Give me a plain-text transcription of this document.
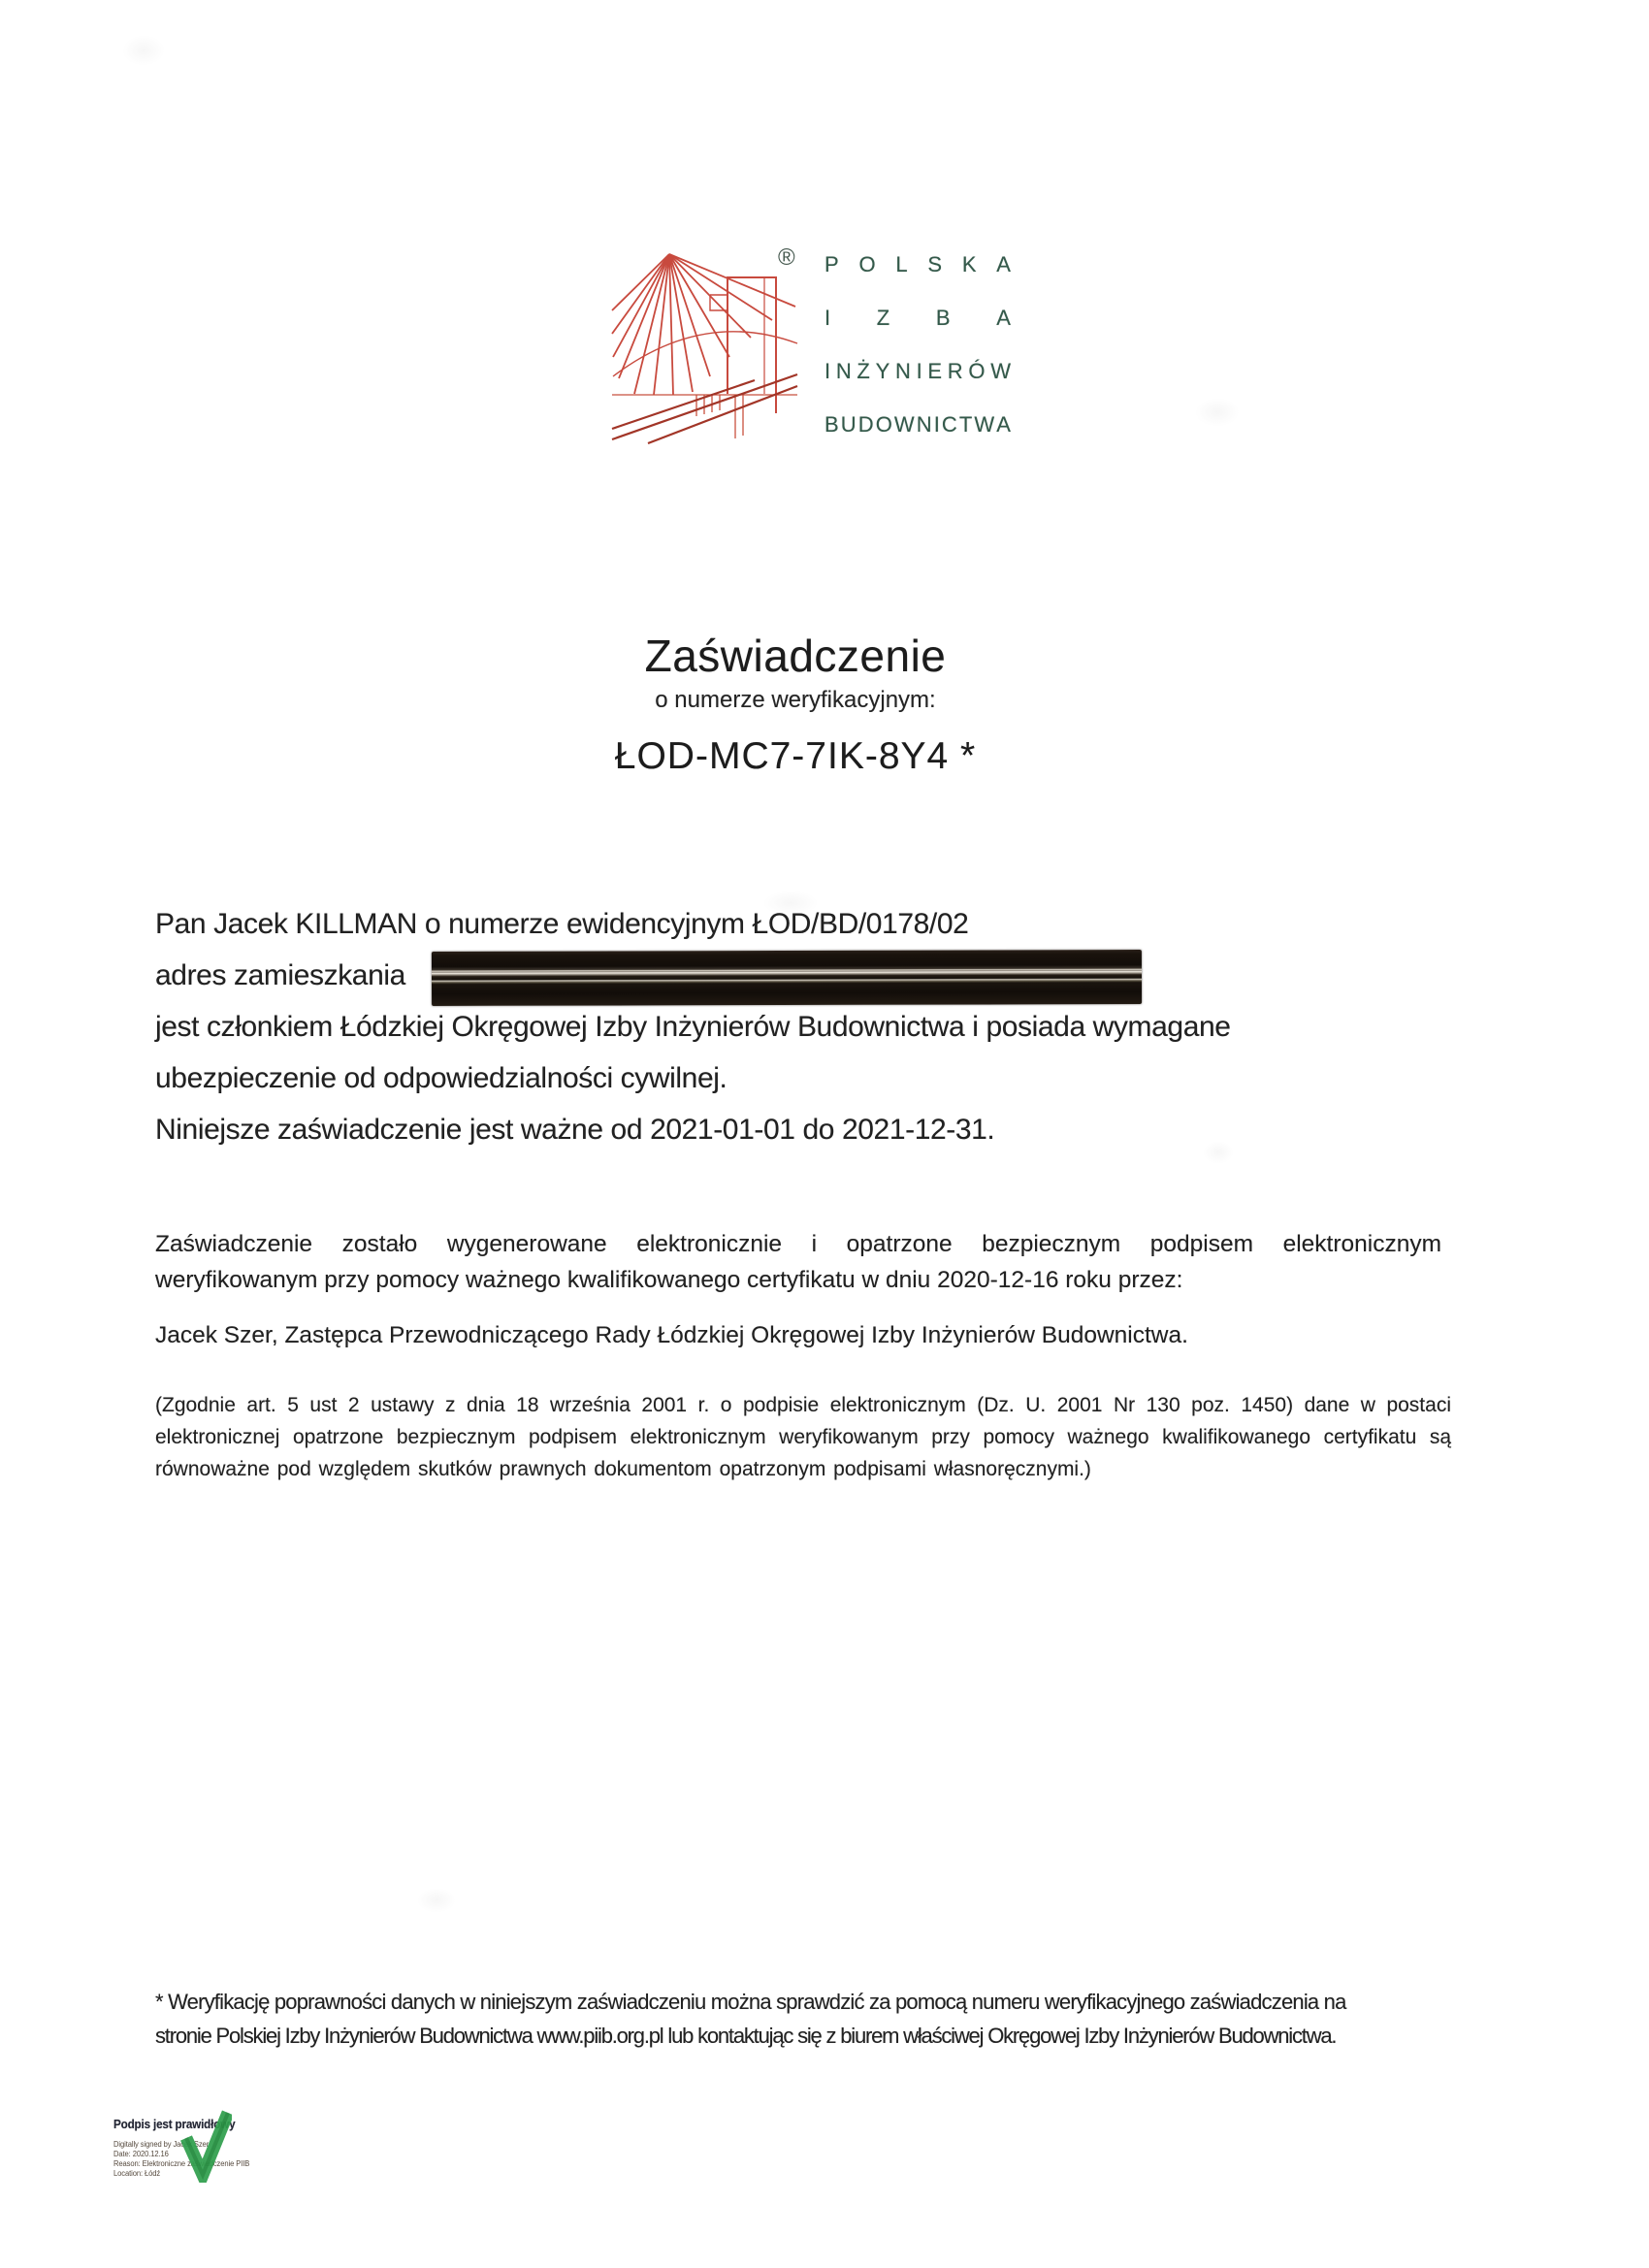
® P O L S K A
I Z B A
I N Ż Y N I E R Ó W
B U D O W N I C T W A
Zaświadczenie
o numerze weryfikacyjnym:
ŁOD-MC7-7IK-8Y4 *
Pan Jacek KILLMAN o numerze ewidencyjnym ŁOD/BD/0178/02
adres zamieszkania
jest członkiem Łódzkiej Okręgowej Izby Inżynierów Budownictwa i posiada wymagane
ubezpieczenie od odpowiedzialności cywilnej.
Niniejsze zaświadczenie jest ważne od 2021-01-01 do 2021-12-31.
Zaświadczenie zostało wygenerowane elektronicznie i opatrzone bezpiecznym podpisem elektronicznym
weryfikowanym przy pomocy ważnego kwalifikowanego certyfikatu w dniu 2020-12-16 roku przez:
Jacek Szer, Zastępca Przewodniczącego Rady Łódzkiej Okręgowej Izby Inżynierów Budownictwa.
(Zgodnie art. 5 ust 2 ustawy z dnia 18 września 2001 r. o podpisie elektronicznym (Dz. U. 2001 Nr 130 poz. 1450) dane w postaci
elektronicznej opatrzone bezpiecznym podpisem elektronicznym weryfikowanym przy pomocy ważnego kwalifikowanego certyfikatu są
równoważne pod względem skutków prawnych dokumentom opatrzonym podpisami własnoręcznymi.)
* Weryfikację poprawności danych w niniejszym zaświadczeniu można sprawdzić za pomocą numeru weryfikacyjnego zaświadczenia na
stronie Polskiej Izby Inżynierów Budownictwa www.piib.org.pl lub kontaktując się z biurem właściwej Okręgowej Izby Inżynierów Budownictwa.
Podpis jest prawidłowy
Digitally signed by Jacek Szer
Date: 2020.12.16
Reason: Elektroniczne zaświadczenie PIIB
Location: Łódź
